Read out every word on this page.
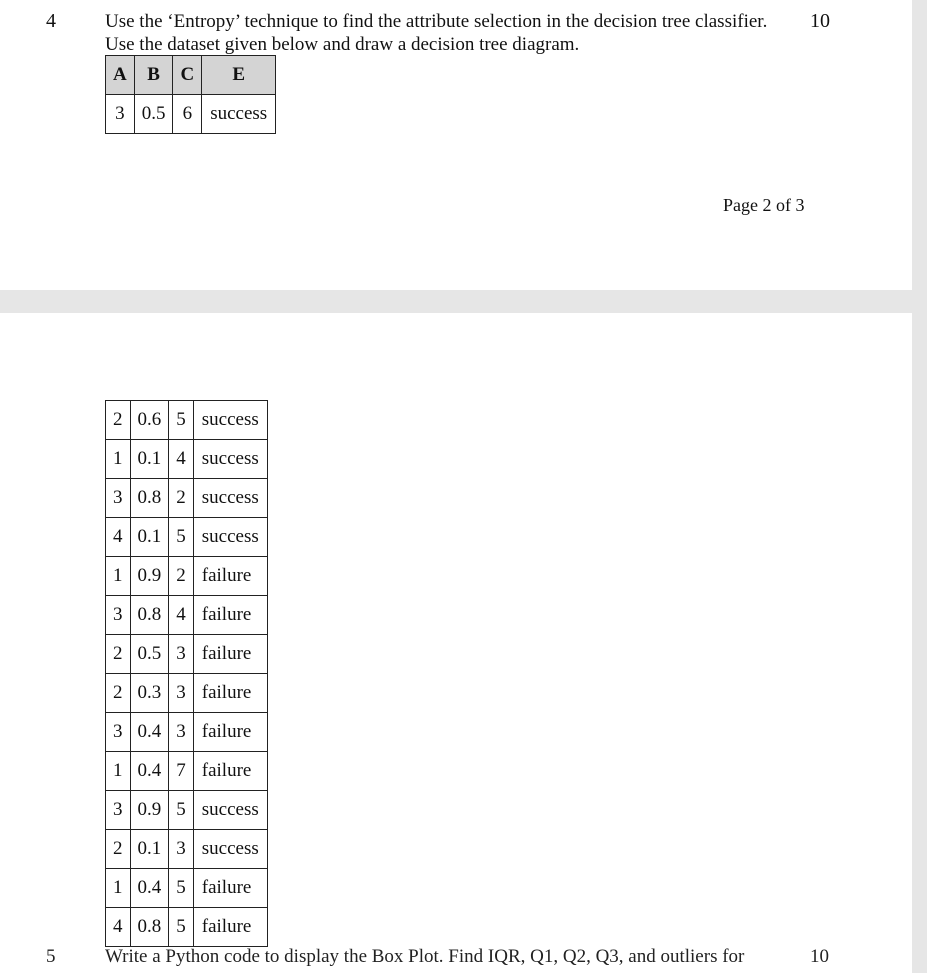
4	Use the ‘Entropy’ technique to find the attribute selection in the decision tree classifier.
Use the dataset given below and draw a decision tree diagram.
10
A	B	C	E
3	0.5	6	success
Page 2 of 3
2	0.6	5	success
1	0.1	4	success
3	0.8	2	success
4	0.1	5	success
1	0.9	2	failure
3	0.8	4	failure
2	0.5	3	failure
2	0.3	3	failure
3	0.4	3	failure
1	0.4	7	failure
3	0.9	5	success
2	0.1	3	success
1	0.4	5	failure
4	0.8	5	failure
5	Write a Python code to display the Box Plot. Find IQR, Q1, Q2, Q3, and outliers for	10
